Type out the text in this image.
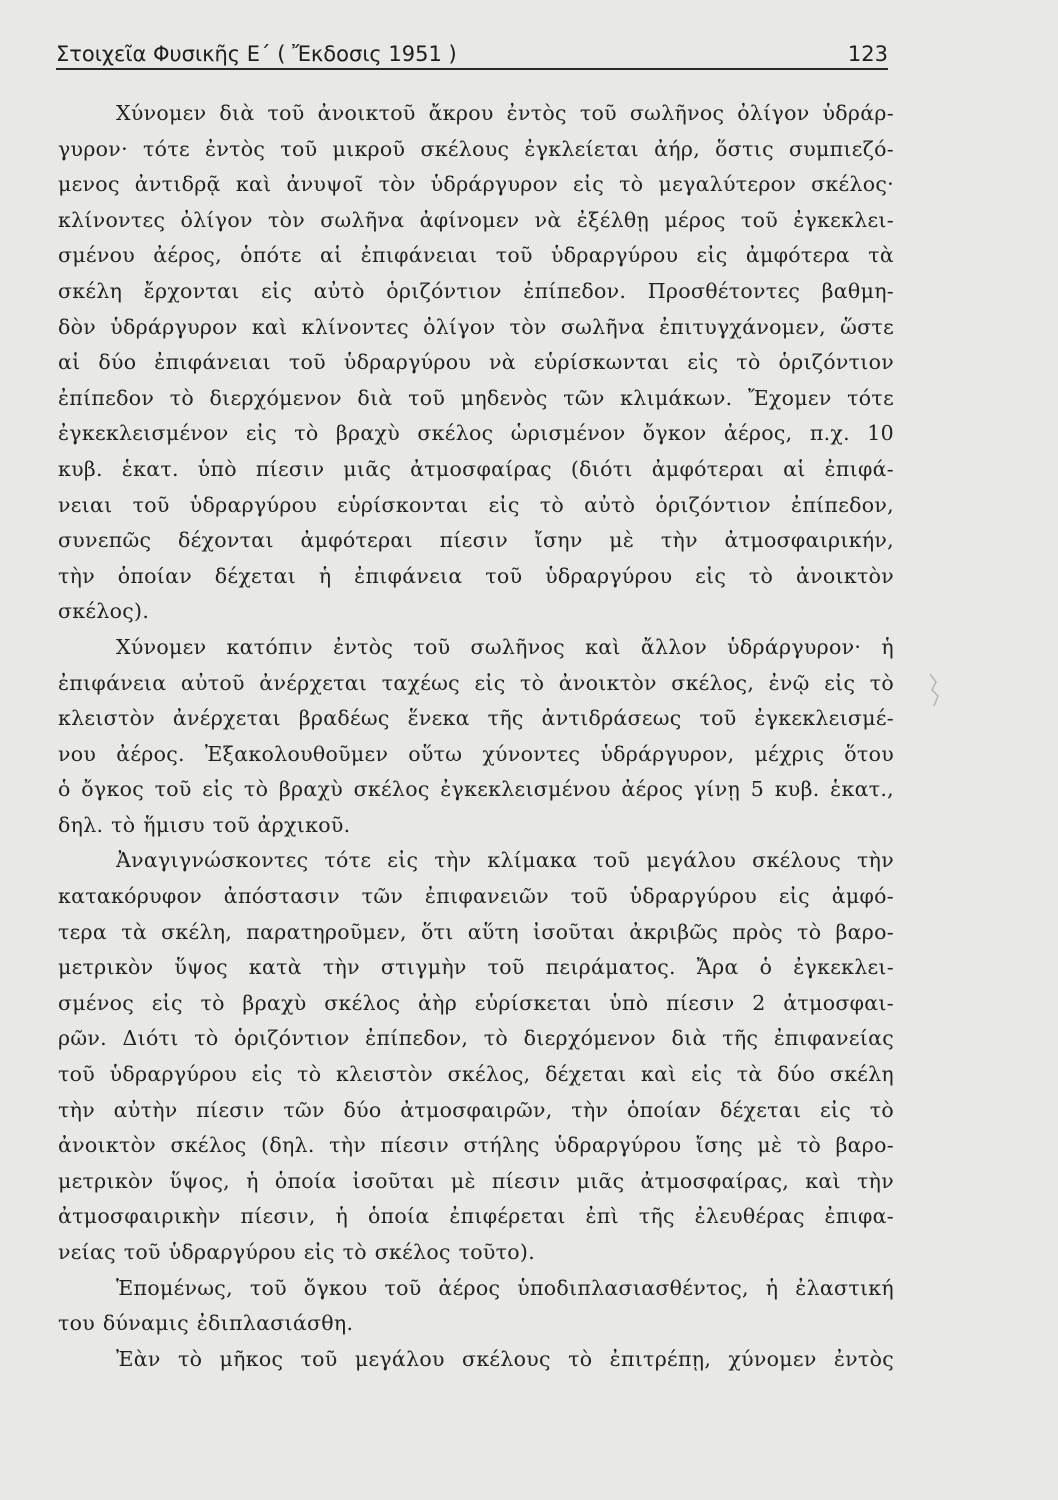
Στοιχεῖα Φυσικῆς Ε΄ ( Ἔκδοσις 1951 )	123
Χύνομεν διὰ τοῦ ἀνοικτοῦ ἄκρου ἐντὸς τοῦ σωλῆνος ὀλίγον ὑδράρ-
γυρον· τότε ἐντὸς τοῦ μικροῦ σκέλους ἐγκλείεται ἀήρ, ὅστις συμπιεζό-
μενος ἀντιδρᾷ καὶ ἀνυψοῖ τὸν ὑδράργυρον εἰς τὸ μεγαλύτερον σκέλος·
κλίνοντες ὀλίγον τὸν σωλῆνα ἀφίνομεν νὰ ἐξέλθῃ μέρος τοῦ ἐγκεκλει-
σμένου ἀέρος, ὁπότε αἱ ἐπιφάνειαι τοῦ ὑδραργύρου εἰς ἀμφότερα τὰ
σκέλη ἔρχονται εἰς αὐτὸ ὁριζόντιον ἐπίπεδον. Προσθέτοντες βαθμη-
δὸν ὑδράργυρον καὶ κλίνοντες ὀλίγον τὸν σωλῆνα ἐπιτυγχάνομεν, ὥστε
αἱ δύο ἐπιφάνειαι τοῦ ὑδραργύρου νὰ εὑρίσκωνται εἰς τὸ ὁριζόντιον
ἐπίπεδον τὸ διερχόμενον διὰ τοῦ μηδενὸς τῶν κλιμάκων. Ἔχομεν τότε
ἐγκεκλεισμένον εἰς τὸ βραχὺ σκέλος ὡρισμένον ὄγκον ἀέρος, π.χ. 10
κυβ. ἑκατ. ὑπὸ πίεσιν μιᾶς ἀτμοσφαίρας (διότι ἀμφότεραι αἱ ἐπιφά-
νειαι τοῦ ὑδραργύρου εὑρίσκονται εἰς τὸ αὐτὸ ὁριζόντιον ἐπίπεδον,
συνεπῶς δέχονται ἀμφότεραι πίεσιν ἴσην μὲ τὴν ἀτμοσφαιρικήν,
τὴν ὁποίαν δέχεται ἡ ἐπιφάνεια τοῦ ὑδραργύρου εἰς τὸ ἀνοικτὸν
σκέλος).
Χύνομεν κατόπιν ἐντὸς τοῦ σωλῆνος καὶ ἄλλον ὑδράργυρον· ἡ
ἐπιφάνεια αὐτοῦ ἀνέρχεται ταχέως εἰς τὸ ἀνοικτὸν σκέλος, ἐνῷ εἰς τὸ
κλειστὸν ἀνέρχεται βραδέως ἕνεκα τῆς ἀντιδράσεως τοῦ ἐγκεκλεισμέ-
νου ἀέρος. Ἐξακολουθοῦμεν οὕτω χύνοντες ὑδράργυρον, μέχρις ὅτου
ὁ ὄγκος τοῦ εἰς τὸ βραχὺ σκέλος ἐγκεκλεισμένου ἀέρος γίνῃ 5 κυβ. ἑκατ.,
δηλ. τὸ ἥμισυ τοῦ ἀρχικοῦ.
Ἀναγιγνώσκοντες τότε εἰς τὴν κλίμακα τοῦ μεγάλου σκέλους τὴν
κατακόρυφον ἀπόστασιν τῶν ἐπιφανειῶν τοῦ ὑδραργύρου εἰς ἀμφό-
τερα τὰ σκέλη, παρατηροῦμεν, ὅτι αὕτη ἰσοῦται ἀκριβῶς πρὸς τὸ βαρο-
μετρικὸν ὕψος κατὰ τὴν στιγμὴν τοῦ πειράματος. Ἄρα ὁ ἐγκεκλει-
σμένος εἰς τὸ βραχὺ σκέλος ἀὴρ εὑρίσκεται ὑπὸ πίεσιν 2 ἀτμοσφαι-
ρῶν. Διότι τὸ ὁριζόντιον ἐπίπεδον, τὸ διερχόμενον διὰ τῆς ἐπιφανείας
τοῦ ὑδραργύρου εἰς τὸ κλειστὸν σκέλος, δέχεται καὶ εἰς τὰ δύο σκέλη
τὴν αὐτὴν πίεσιν τῶν δύο ἀτμοσφαιρῶν, τὴν ὁποίαν δέχεται εἰς τὸ
ἀνοικτὸν σκέλος (δηλ. τὴν πίεσιν στήλης ὑδραργύρου ἴσης μὲ τὸ βαρο-
μετρικὸν ὕψος, ἡ ὁποία ἰσοῦται μὲ πίεσιν μιᾶς ἀτμοσφαίρας, καὶ τὴν
ἀτμοσφαιρικὴν πίεσιν, ἡ ὁποία ἐπιφέρεται ἐπὶ τῆς ἐλευθέρας ἐπιφα-
νείας τοῦ ὑδραργύρου εἰς τὸ σκέλος τοῦτο).
Ἑπομένως, τοῦ ὄγκου τοῦ ἀέρος ὑποδιπλασιασθέντος, ἡ ἐλαστική
του δύναμις ἐδιπλασιάσθη.
Ἐὰν τὸ μῆκος τοῦ μεγάλου σκέλους τὸ ἐπιτρέπῃ, χύνομεν ἐντὸς
